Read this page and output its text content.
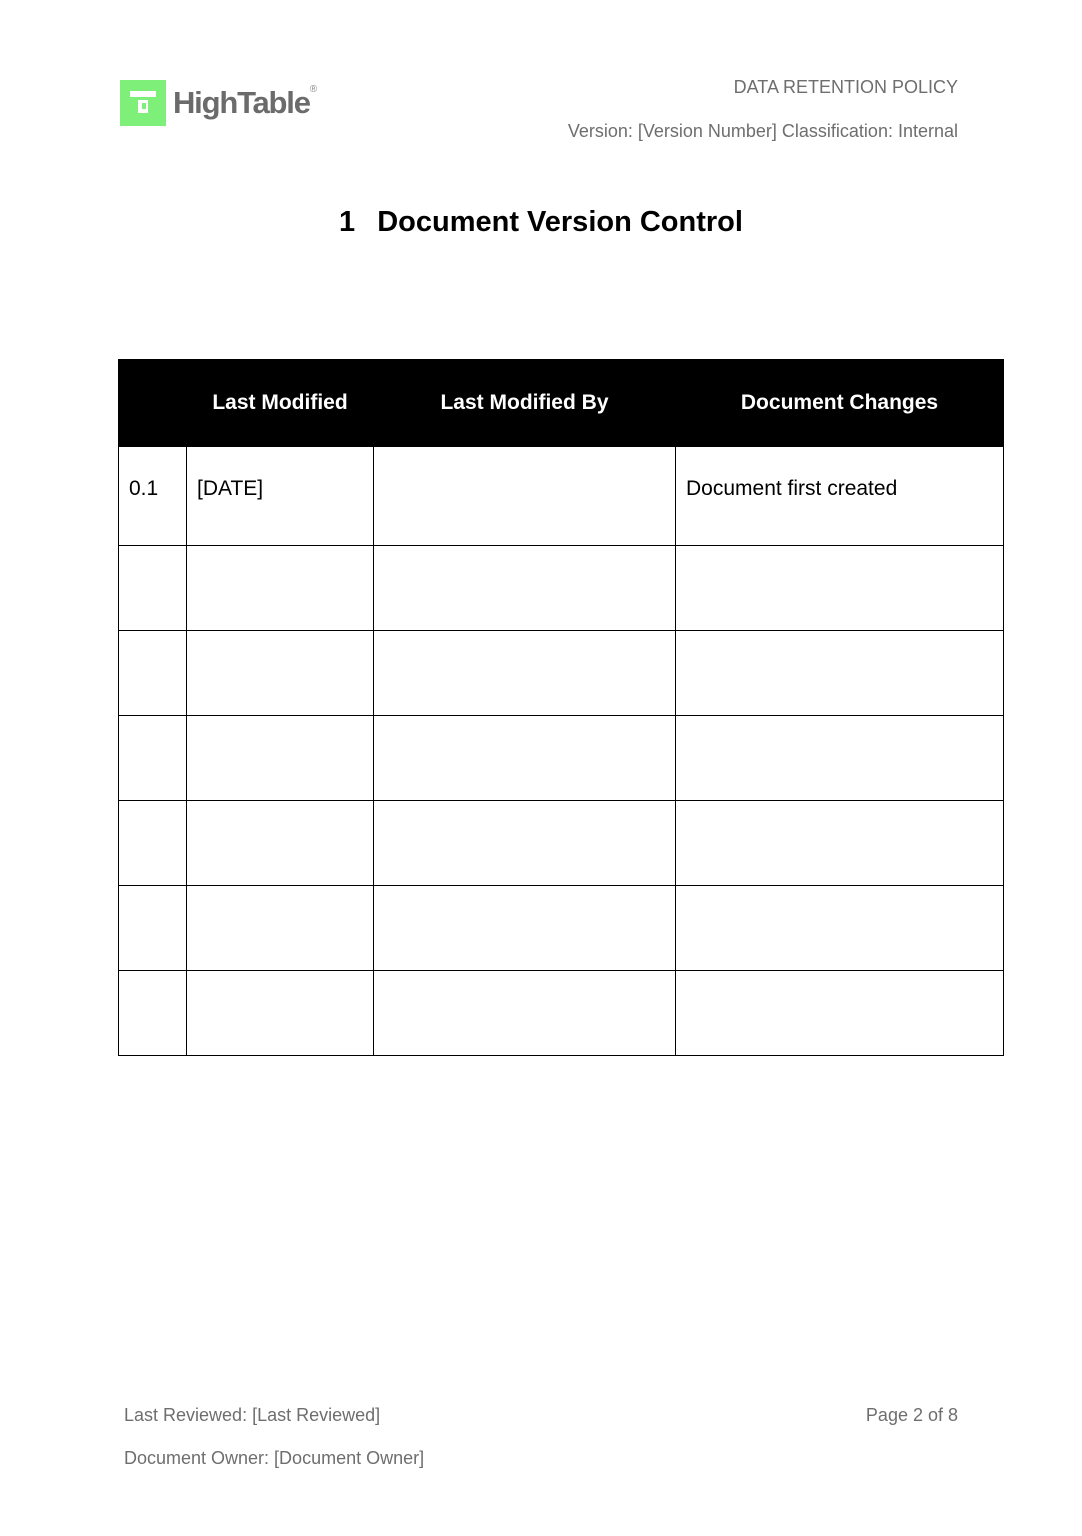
HighTable®	DATA RETENTION POLICY
Version: [Version Number] Classification: Internal
1 Document Version Control
	Last Modified	Last Modified By	Document Changes
0.1	[DATE]		Document first created

Last Reviewed: [Last Reviewed]
Document Owner: [Document Owner]
Page 2 of 8
